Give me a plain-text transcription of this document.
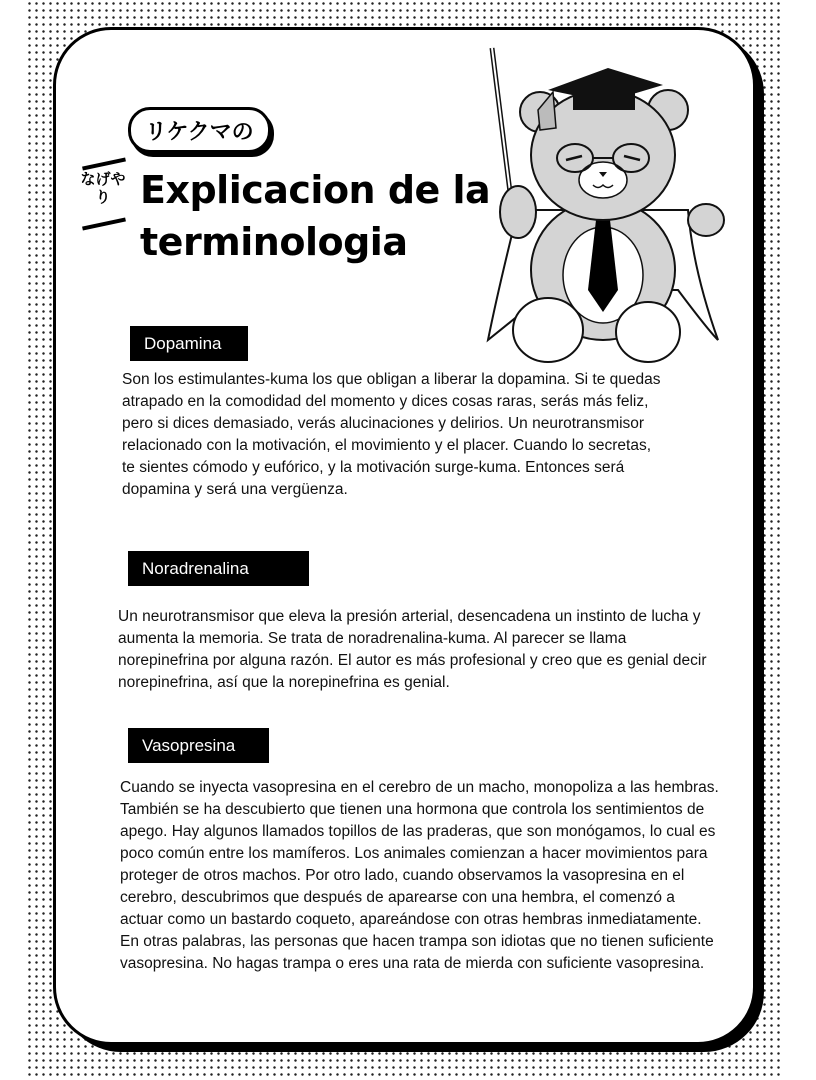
リケクマの
なげやり Explicacion de la terminologia
Dopamina

Son los estimulantes-kuma los que obligan a liberar la dopamina. Si te quedas atrapado en la comodidad del momento y dices cosas raras, serás más feliz, pero si dices demasiado, verás alucinaciones y delirios. Un neurotransmisor relacionado con la motivación, el movimiento y el placer. Cuando lo secretas, te sientes cómodo y eufórico, y la motivación surge-kuma. Entonces será dopamina y será una vergüenza.

Noradrenalina

Un neurotransmisor que eleva la presión arterial, desencadena un instinto de lucha y aumenta la memoria. Se trata de noradrenalina-kuma. Al parecer se llama norepinefrina por alguna razón. El autor es más profesional y creo que es genial decir norepinefrina, así que la norepinefrina es genial.

Vasopresina

Cuando se inyecta vasopresina en el cerebro de un macho, monopoliza a las hembras. También se ha descubierto que tienen una hormona que controla los sentimientos de apego. Hay algunos llamados topillos de las praderas, que son monógamos, lo cual es poco común entre los mamíferos. Los animales comienzan a hacer movimientos para proteger de otros machos. Por otro lado, cuando observamos la vasopresina en el cerebro, descubrimos que después de aparearse con una hembra, el comenzó a actuar como un bastardo coqueto, apareándose con otras hembras inmediatamente. En otras palabras, las personas que hacen trampa son idiotas que no tienen suficiente vasopresina. No hagas trampa o eres una rata de mierda con suficiente vasopresina.
